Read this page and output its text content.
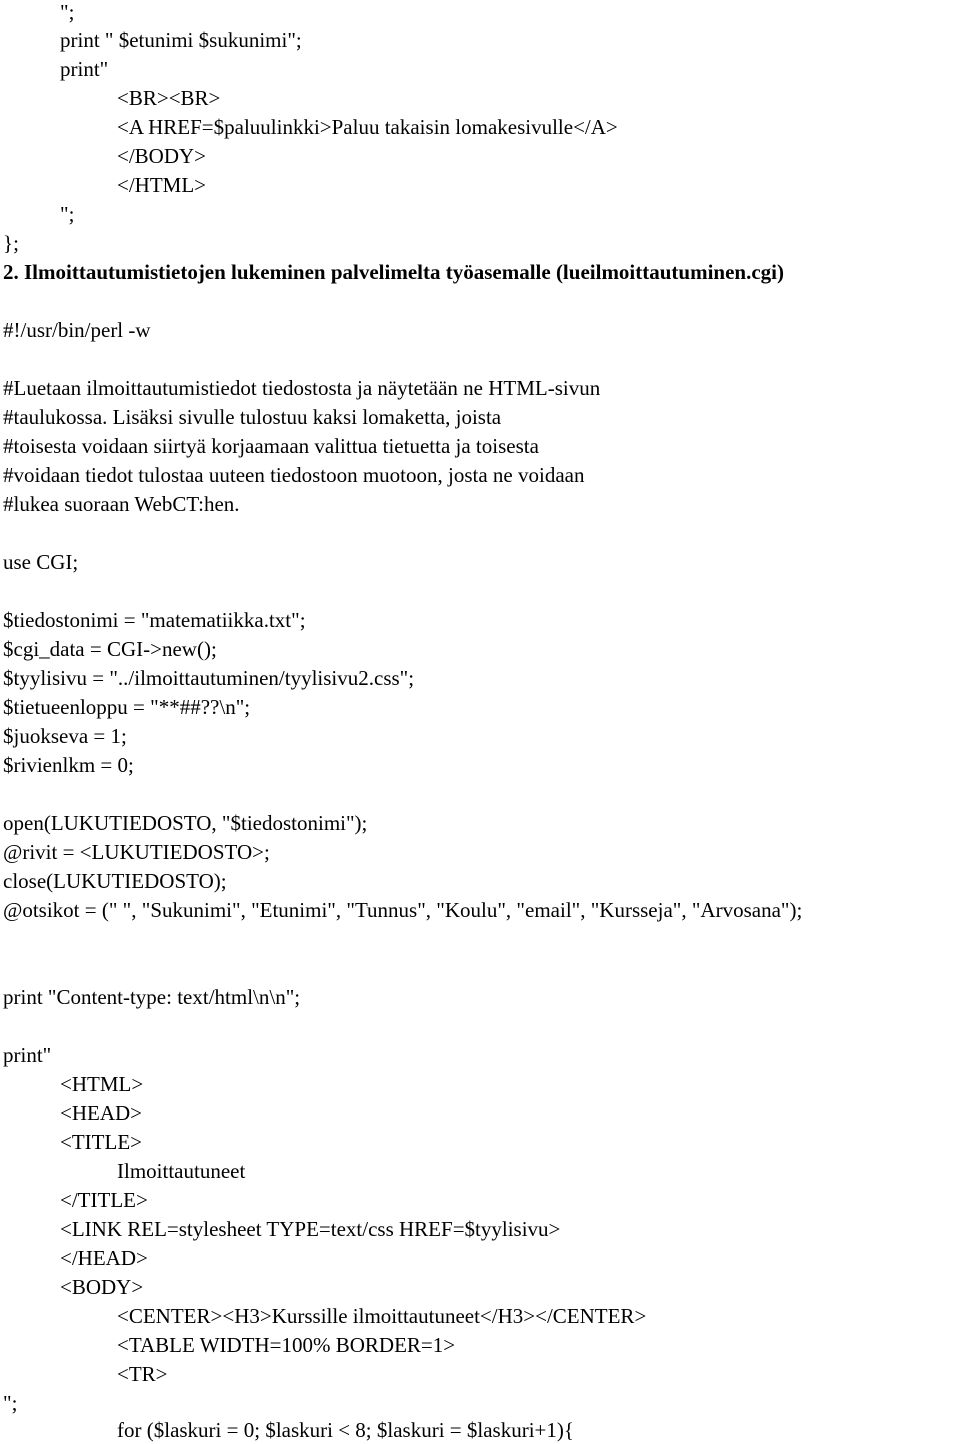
";
print " $etunimi $sukunimi";
print"
<BR><BR>
<A HREF=$paluulinkki>Paluu takaisin lomakesivulle</A>
</BODY>
</HTML>
";
};
2. Ilmoittautumistietojen lukeminen palvelimelta työasemalle (lueilmoittautuminen.cgi)
#!/usr/bin/perl -w
#Luetaan ilmoittautumistiedot tiedostosta ja näytetään ne HTML-sivun
#taulukossa. Lisäksi sivulle tulostuu kaksi lomaketta, joista
#toisesta voidaan siirtyä korjaamaan valittua tietuetta ja toisesta
#voidaan tiedot tulostaa uuteen tiedostoon muotoon, josta ne voidaan
#lukea suoraan WebCT:hen.
use CGI;
$tiedostonimi = "matematiikka.txt";
$cgi_data = CGI->new();
$tyylisivu = "../ilmoittautuminen/tyylisivu2.css";
$tietueenloppu = "**##??\n";
$juokseva = 1;
$rivienlkm = 0;
open(LUKUTIEDOSTO, "$tiedostonimi");
@rivit = <LUKUTIEDOSTO>;
close(LUKUTIEDOSTO);
@otsikot = (" ", "Sukunimi", "Etunimi", "Tunnus", "Koulu", "email", "Kursseja", "Arvosana");
print "Content-type: text/html\n\n";
print"
<HTML>
<HEAD>
<TITLE>
Ilmoittautuneet
</TITLE>
<LINK REL=stylesheet TYPE=text/css HREF=$tyylisivu>
</HEAD>
<BODY>
<CENTER><H3>Kurssille ilmoittautuneet</H3></CENTER>
<TABLE WIDTH=100% BORDER=1>
<TR>
";
for ($laskuri = 0; $laskuri < 8; $laskuri = $laskuri+1){
